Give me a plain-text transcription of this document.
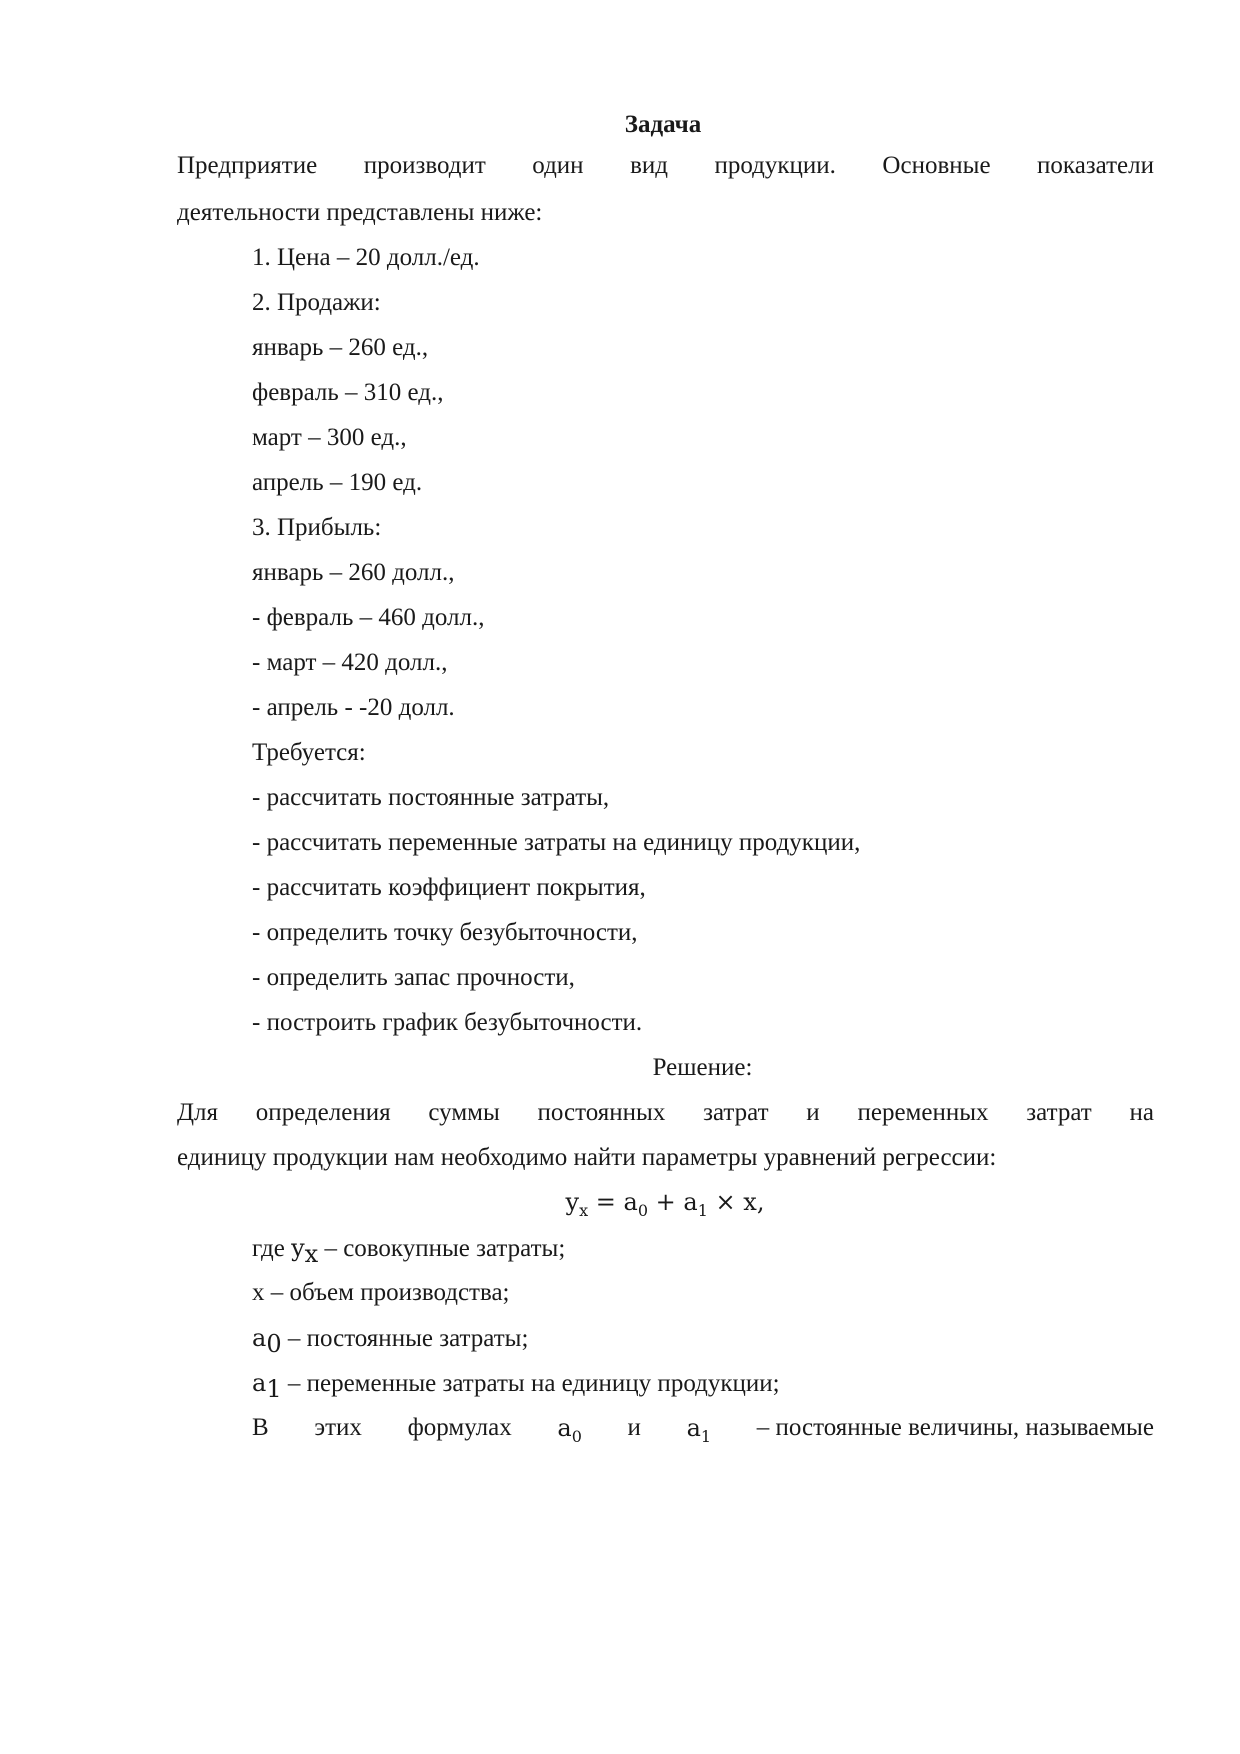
Задача
Предприятие производит один вид продукции. Основные показатели
деятельности представлены ниже:
1. Цена – 20 долл./ед.
2. Продажи:
январь – 260 ед.,
февраль – 310 ед.,
март – 300 ед.,
апрель – 190 ед.
3. Прибыль:
январь – 260 долл.,
- февраль – 460 долл.,
- март – 420 долл.,
- апрель - -20 долл.
Требуется:
- рассчитать постоянные затраты,
- рассчитать переменные затраты на единицу продукции,
- рассчитать коэффициент покрытия,
- определить точку безубыточности,
- определить запас прочности,
- построить график безубыточности.
Решение:
Для определения суммы постоянных затрат и переменных затрат на
единицу продукции нам необходимо найти параметры уравнений регрессии:
$y_x = a_0 + a_1 \times x$,
где $y_x$ – совокупные затраты;
x – объем производства;
$a_0$ – постоянные затраты;
$a_1$ – переменные затраты на единицу продукции;
В этих формулах $a_0$ и $a_1$ – постоянные величины, называемые
